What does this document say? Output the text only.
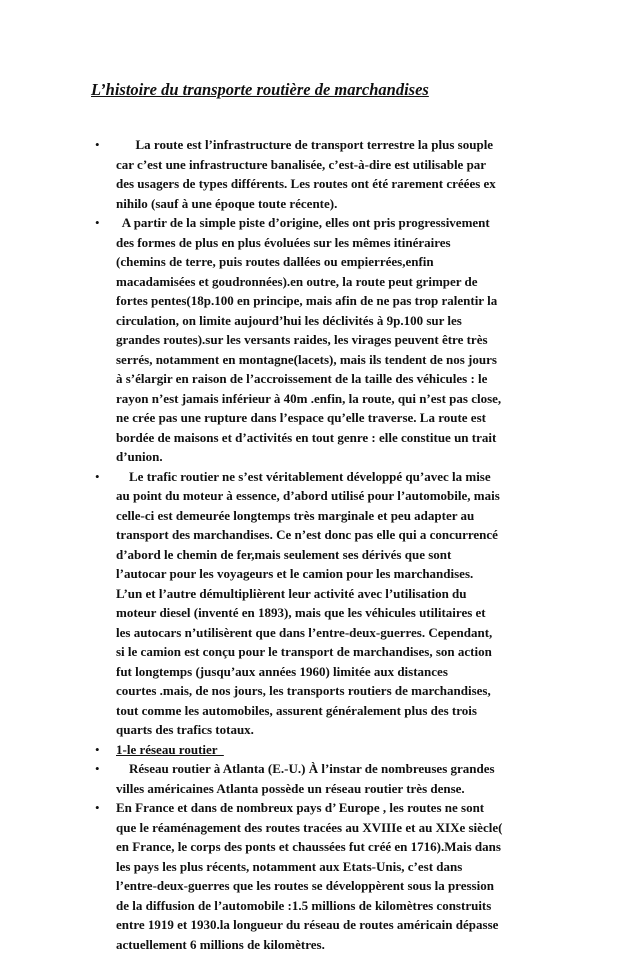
L’histoire du transporte routière de marchandises
• La route est l’infrastructure de transport terrestre la plus souple
car c’est une infrastructure banalisée, c’est-à-dire est utilisable par
des usagers de types différents. Les routes ont été rarement créées ex
nihilo (sauf à une époque toute récente).
• A partir de la simple piste d’origine, elles ont pris progressivement
des formes de plus en plus évoluées sur les mêmes itinéraires
(chemins de terre, puis routes dallées ou empierrées,enfin
macadamisées et goudronnées).en outre, la route peut grimper de
fortes pentes(18p.100 en principe, mais afin de ne pas trop ralentir la
circulation, on limite aujourd’hui les déclivités à 9p.100 sur les
grandes routes).sur les versants raides, les virages peuvent être très
serrés, notamment en montagne(lacets), mais ils tendent de nos jours
à s’élargir en raison de l’accroissement de la taille des véhicules : le
rayon n’est jamais inférieur à 40m .enfin, la route, qui n’est pas close,
ne crée pas une rupture dans l’espace qu’elle traverse. La route est
bordée de maisons et d’activités en tout genre : elle constitue un trait
d’union.
• Le trafic routier ne s’est véritablement développé qu’avec la mise
au point du moteur à essence, d’abord utilisé pour l’automobile, mais
celle-ci est demeurée longtemps très marginale et peu adapter au
transport des marchandises. Ce n’est donc pas elle qui a concurrencé
d’abord le chemin de fer,mais seulement ses dérivés que sont
l’autocar pour les voyageurs et le camion pour les marchandises.
L’un et l’autre démultiplièrent leur activité avec l’utilisation du
moteur diesel (inventé en 1893), mais que les véhicules utilitaires et
les autocars n’utilisèrent que dans l’entre-deux-guerres. Cependant,
si le camion est conçu pour le transport de marchandises, son action
fut longtemps (jusqu’aux années 1960) limitée aux distances
courtes .mais, de nos jours, les transports routiers de marchandises,
tout comme les automobiles, assurent généralement plus des trois
quarts des trafics totaux.
• 1-le réseau routier
• Réseau routier à Atlanta (E.-U.) À l’instar de nombreuses grandes
villes américaines Atlanta possède un réseau routier très dense.
• En France et dans de nombreux pays d’ Europe , les routes ne sont
que le réaménagement des routes tracées au XVIIIe et au XIXe siècle(
en France, le corps des ponts et chaussées fut créé en 1716).Mais dans
les pays les plus récents, notamment aux Etats-Unis, c’est dans
l’entre-deux-guerres que les routes se développèrent sous la pression
de la diffusion de l’automobile :1.5 millions de kilomètres construits
entre 1919 et 1930.la longueur du réseau de routes américain dépasse
actuellement 6 millions de kilomètres.
